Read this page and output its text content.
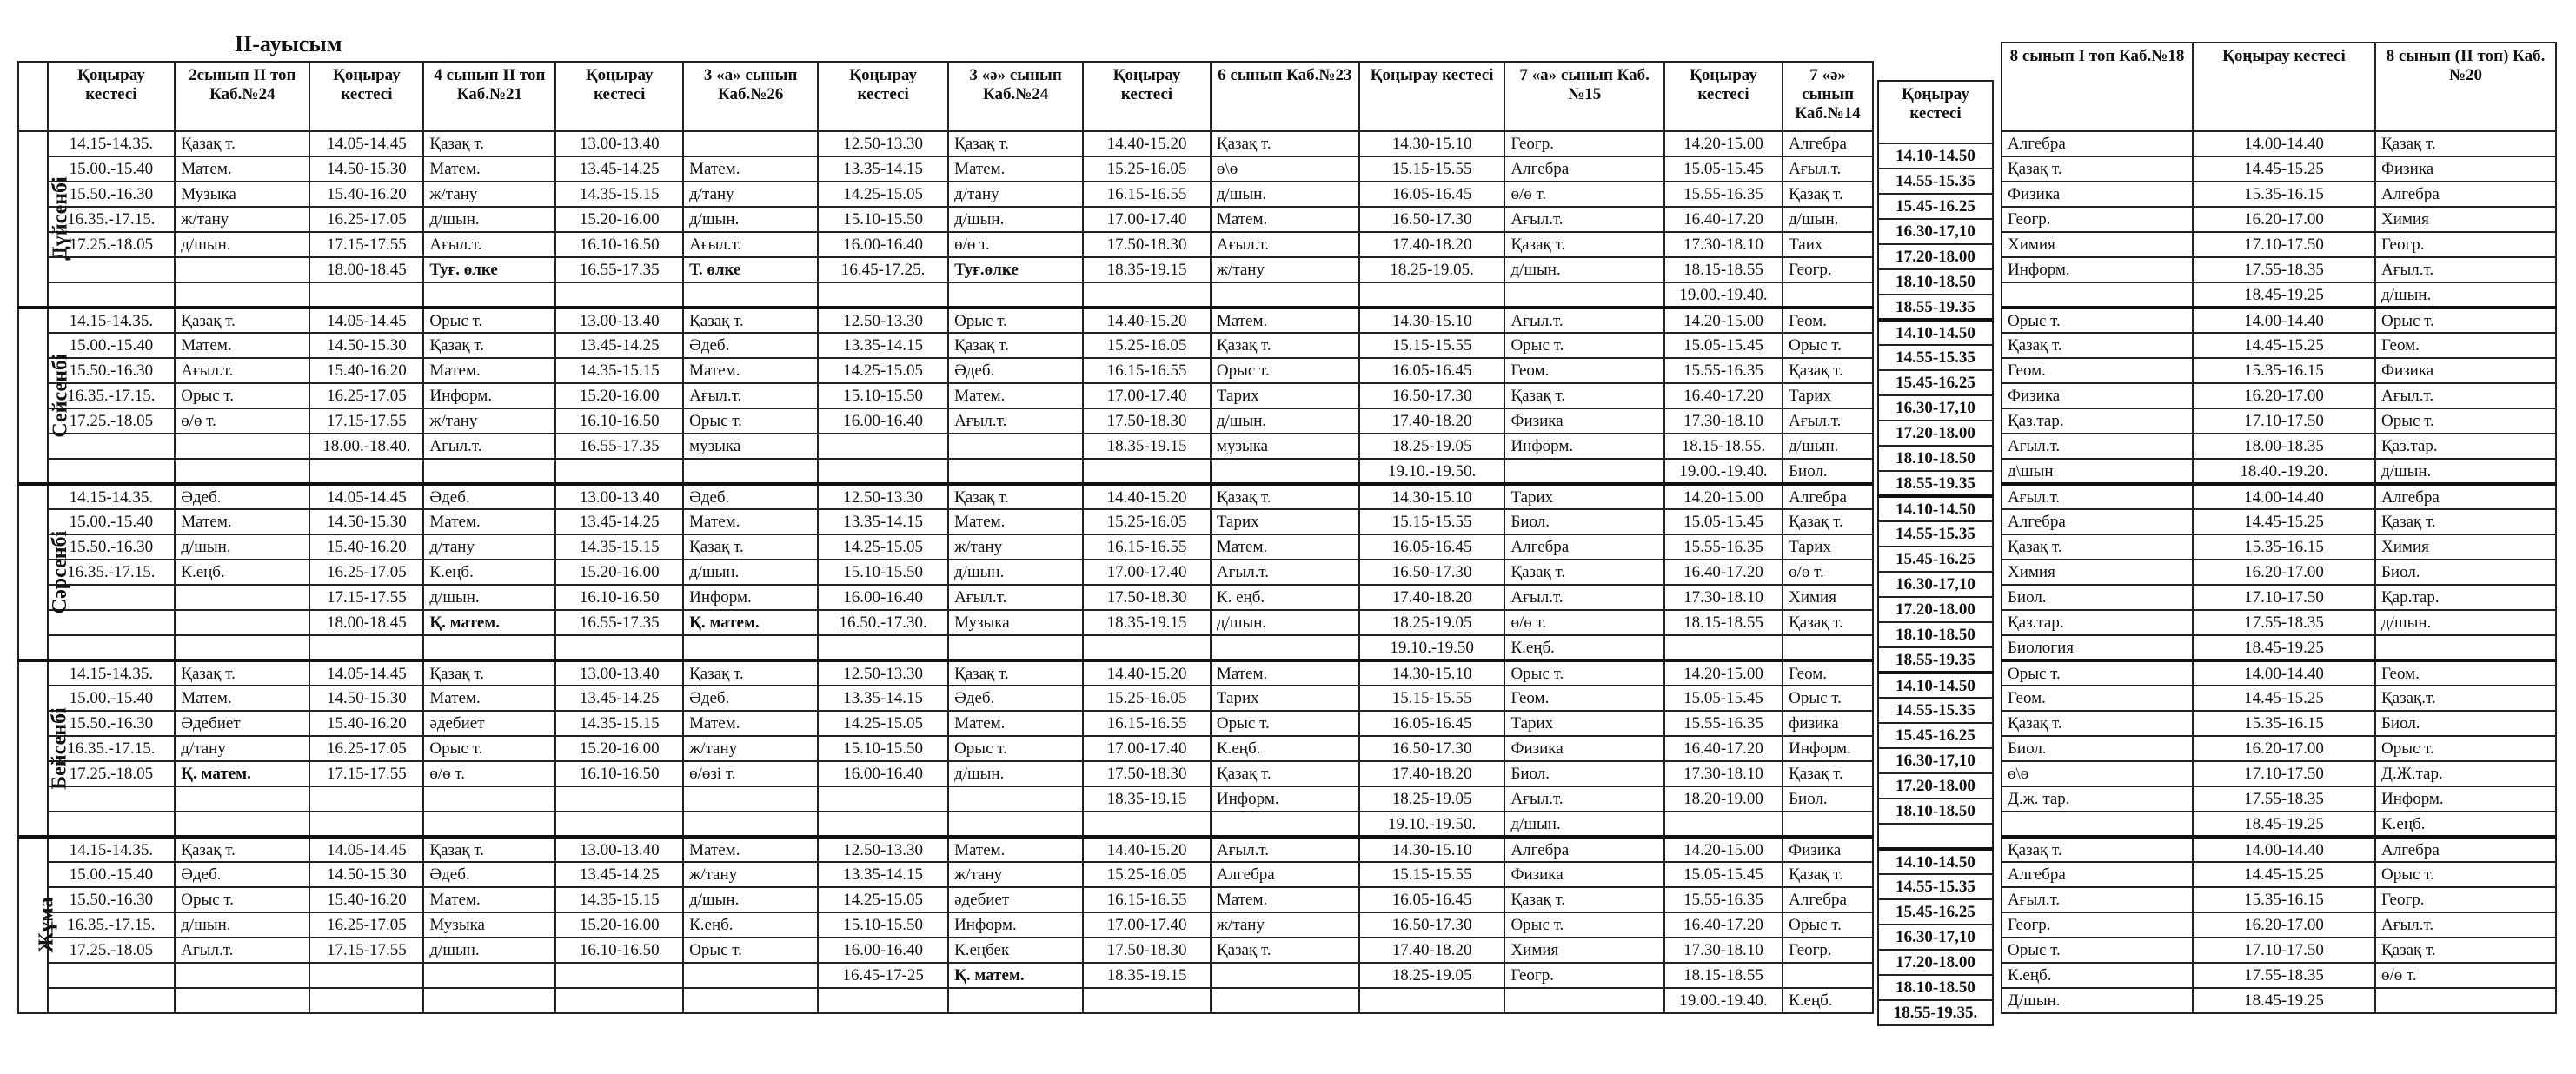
ІІ-ауысым
	Қоңырау кестесі	2сынып ІІ топ Каб.№24	Қоңырау кестесі	4 сынып ІІ топ Каб.№21	Қоңырау кестесі	3 «а» сынып Каб.№26	Қоңырау кестесі	3 «ә» сынып Каб.№24	Қоңырау кестесі	6 сынып Каб.№23	Қоңырау кестесі	7 «а» сынып Каб.№15	Қоңырау кестесі	7 «ә» сынып Каб.№14
Дүйсенбі	14.15-14.35.	Қазақ т.	14.05-14.45	Қазақ т.	13.00-13.40		12.50-13.30	Қазақ т.	14.40-15.20	Қазақ т.	14.30-15.10	Геогр.	14.20-15.00	Алгебра
	15.00.-15.40	Матем.	14.50-15.30	Матем.	13.45-14.25	Матем.	13.35-14.15	Матем.	15.25-16.05	ө\ө	15.15-15.55	Алгебра	15.05-15.45	Ағыл.т.
	15.50.-16.30	Музыка	15.40-16.20	ж/тану	14.35-15.15	д/тану	14.25-15.05	д/тану	16.15-16.55	д/шын.	16.05-16.45	ө/ө т.	15.55-16.35	Қазақ т.
	16.35.-17.15.	ж/тану	16.25-17.05	д/шын.	15.20-16.00	д/шын.	15.10-15.50	д/шын.	17.00-17.40	Матем.	16.50-17.30	Ағыл.т.	16.40-17.20	д/шын.
	17.25.-18.05	д/шын.	17.15-17.55	Ағыл.т.	16.10-16.50	Ағыл.т.	16.00-16.40	ө/ө т.	17.50-18.30	Ағыл.т.	17.40-18.20	Қазақ т.	17.30-18.10	Таих
			18.00-18.45	Туғ. өлке	16.55-17.35	Т. өлке	16.45-17.25.	Туғ.өлке	18.35-19.15	ж/тану	18.25-19.05.	д/шын.	18.15-18.55	Геогр.
													19.00.-19.40.	
Сейсенбі	14.15-14.35.	Қазақ т.	14.05-14.45	Орыс т.	13.00-13.40	Қазақ т.	12.50-13.30	Орыс т.	14.40-15.20	Матем.	14.30-15.10	Ағыл.т.	14.20-15.00	Геом.
	15.00.-15.40	Матем.	14.50-15.30	Қазақ т.	13.45-14.25	Әдеб.	13.35-14.15	Қазақ т.	15.25-16.05	Қазақ т.	15.15-15.55	Орыс т.	15.05-15.45	Орыс т.
	15.50.-16.30	Ағыл.т.	15.40-16.20	Матем.	14.35-15.15	Матем.	14.25-15.05	Әдеб.	16.15-16.55	Орыс т.	16.05-16.45	Геом.	15.55-16.35	Қазақ т.
	16.35.-17.15.	Орыс т.	16.25-17.05	Информ.	15.20-16.00	Ағыл.т.	15.10-15.50	Матем.	17.00-17.40	Тарих	16.50-17.30	Қазақ т.	16.40-17.20	Тарих
	17.25.-18.05	ө/ө т.	17.15-17.55	ж/тану	16.10-16.50	Орыс т.	16.00-16.40	Ағыл.т.	17.50-18.30	д/шын.	17.40-18.20	Физика	17.30-18.10	Ағыл.т.
			18.00.-18.40.	Ағыл.т.	16.55-17.35	музыка			18.35-19.15	музыка	18.25-19.05	Информ.	18.15-18.55.	д/шын.
											19.10.-19.50.		19.00.-19.40.	Биол.
Сәрсенбі	14.15-14.35.	Әдеб.	14.05-14.45	Әдеб.	13.00-13.40	Әдеб.	12.50-13.30	Қазақ т.	14.40-15.20	Қазақ т.	14.30-15.10	Тарих	14.20-15.00	Алгебра
	15.00.-15.40	Матем.	14.50-15.30	Матем.	13.45-14.25	Матем.	13.35-14.15	Матем.	15.25-16.05	Тарих	15.15-15.55	Биол.	15.05-15.45	Қазақ т.
	15.50.-16.30	д/шын.	15.40-16.20	д/тану	14.35-15.15	Қазақ т.	14.25-15.05	ж/тану	16.15-16.55	Матем.	16.05-16.45	Алгебра	15.55-16.35	Тарих
	16.35.-17.15.	К.еңб.	16.25-17.05	К.еңб.	15.20-16.00	д/шын.	15.10-15.50	д/шын.	17.00-17.40	Ағыл.т.	16.50-17.30	Қазақ т.	16.40-17.20	ө/ө т.
			17.15-17.55	д/шын.	16.10-16.50	Информ.	16.00-16.40	Ағыл.т.	17.50-18.30	К. еңб.	17.40-18.20	Ағыл.т.	17.30-18.10	Химия
			18.00-18.45	Қ. матем.	16.55-17.35	Қ. матем.	16.50.-17.30.	Музыка	18.35-19.15	д/шын.	18.25-19.05	ө/ө т.	18.15-18.55	Қазақ т.
											19.10.-19.50	К.еңб.		
Бейсенбі	14.15-14.35.	Қазақ т.	14.05-14.45	Қазақ т.	13.00-13.40	Қазақ т.	12.50-13.30	Қазақ т.	14.40-15.20	Матем.	14.30-15.10	Орыс т.	14.20-15.00	Геом.
	15.00.-15.40	Матем.	14.50-15.30	Матем.	13.45-14.25	Әдеб.	13.35-14.15	Әдеб.	15.25-16.05	Тарих	15.15-15.55	Геом.	15.05-15.45	Орыс т.
	15.50.-16.30	Әдебиет	15.40-16.20	әдебиет	14.35-15.15	Матем.	14.25-15.05	Матем.	16.15-16.55	Орыс т.	16.05-16.45	Тарих	15.55-16.35	физика
	16.35.-17.15.	д/тану	16.25-17.05	Орыс т.	15.20-16.00	ж/тану	15.10-15.50	Орыс т.	17.00-17.40	К.еңб.	16.50-17.30	Физика	16.40-17.20	Информ.
	17.25.-18.05	Қ. матем.	17.15-17.55	ө/ө т.	16.10-16.50	ө/өзі т.	16.00-16.40	д/шын.	17.50-18.30	Қазақ т.	17.40-18.20	Биол.	17.30-18.10	Қазақ т.
									18.35-19.15	Информ.	18.25-19.05	Ағыл.т.	18.20-19.00	Биол.
											19.10.-19.50.	д/шын.		
Жұма	14.15-14.35.	Қазақ т.	14.05-14.45	Қазақ т.	13.00-13.40	Матем.	12.50-13.30	Матем.	14.40-15.20	Ағыл.т.	14.30-15.10	Алгебра	14.20-15.00	Физика
	15.00.-15.40	Әдеб.	14.50-15.30	Әдеб.	13.45-14.25	ж/тану	13.35-14.15	ж/тану	15.25-16.05	Алгебра	15.15-15.55	Физика	15.05-15.45	Қазақ т.
	15.50.-16.30	Орыс т.	15.40-16.20	Матем.	14.35-15.15	д/шын.	14.25-15.05	әдебиет	16.15-16.55	Матем.	16.05-16.45	Қазақ т.	15.55-16.35	Алгебра
	16.35.-17.15.	д/шын.	16.25-17.05	Музыка	15.20-16.00	К.еңб.	15.10-15.50	Информ.	17.00-17.40	ж/тану	16.50-17.30	Орыс т.	16.40-17.20	Орыс т.
	17.25.-18.05	Ағыл.т.	17.15-17.55	д/шын.	16.10-16.50	Орыс т.	16.00-16.40	К.еңбек	17.50-18.30	Қазақ т.	17.40-18.20	Химия	17.30-18.10	Геогр.
							16.45-17-25	Қ. матем.	18.35-19.15		18.25-19.05	Геогр.	18.15-18.55	
													19.00.-19.40.	К.еңб.
Қоңырау кестесі
14.10-14.50
14.55-15.35
15.45-16.25
16.30-17,10
17.20-18.00
18.10-18.50
18.55-19.35
14.10-14.50
14.55-15.35
15.45-16.25
16.30-17,10
17.20-18.00
18.10-18.50
18.55-19.35
14.10-14.50
14.55-15.35
15.45-16.25
16.30-17,10
17.20-18.00
18.10-18.50
18.55-19.35
14.10-14.50
14.55-15.35
15.45-16.25
16.30-17,10
17.20-18.00
18.10-18.50

14.10-14.50
14.55-15.35
15.45-16.25
16.30-17,10
17.20-18.00
18.10-18.50
18.55-19.35.
8 сынып І топ Каб.№18	Қоңырау кестесі	8 сынып (ІІ топ) Каб.№20
Алгебра	14.00-14.40	Қазақ т.
Қазақ т.	14.45-15.25	Физика
Физика	15.35-16.15	Алгебра
Геогр.	16.20-17.00	Химия
Химия	17.10-17.50	Геогр.
Информ.	17.55-18.35	Ағыл.т.
	18.45-19.25	д/шын.
Орыс т.	14.00-14.40	Орыс т.
Қазақ т.	14.45-15.25	Геом.
Геом.	15.35-16.15	Физика
Физика	16.20-17.00	Ағыл.т.
Қаз.тар.	17.10-17.50	Орыс т.
Ағыл.т.	18.00-18.35	Қаз.тар.
д\шын	18.40.-19.20.	д/шын.
Ағыл.т.	14.00-14.40	Алгебра
Алгебра	14.45-15.25	Қазақ т.
Қазақ т.	15.35-16.15	Химия
Химия	16.20-17.00	Биол.
Биол.	17.10-17.50	Қар.тар.
Қаз.тар.	17.55-18.35	д/шын.
Биология	18.45-19.25	
Орыс т.	14.00-14.40	Геом.
Геом.	14.45-15.25	Қазақ.т.
Қазақ т.	15.35-16.15	Биол.
Биол.	16.20-17.00	Орыс т.
ө\ө	17.10-17.50	Д.Ж.тар.
Д.ж. тар.	17.55-18.35	Информ.
	18.45-19.25	К.еңб.
Қазақ т.	14.00-14.40	Алгебра
Алгебра	14.45-15.25	Орыс т.
Ағыл.т.	15.35-16.15	Геогр.
Геогр.	16.20-17.00	Ағыл.т.
Орыс т.	17.10-17.50	Қазақ т.
К.еңб.	17.55-18.35	ө/ө т.
Д/шын.	18.45-19.25	
